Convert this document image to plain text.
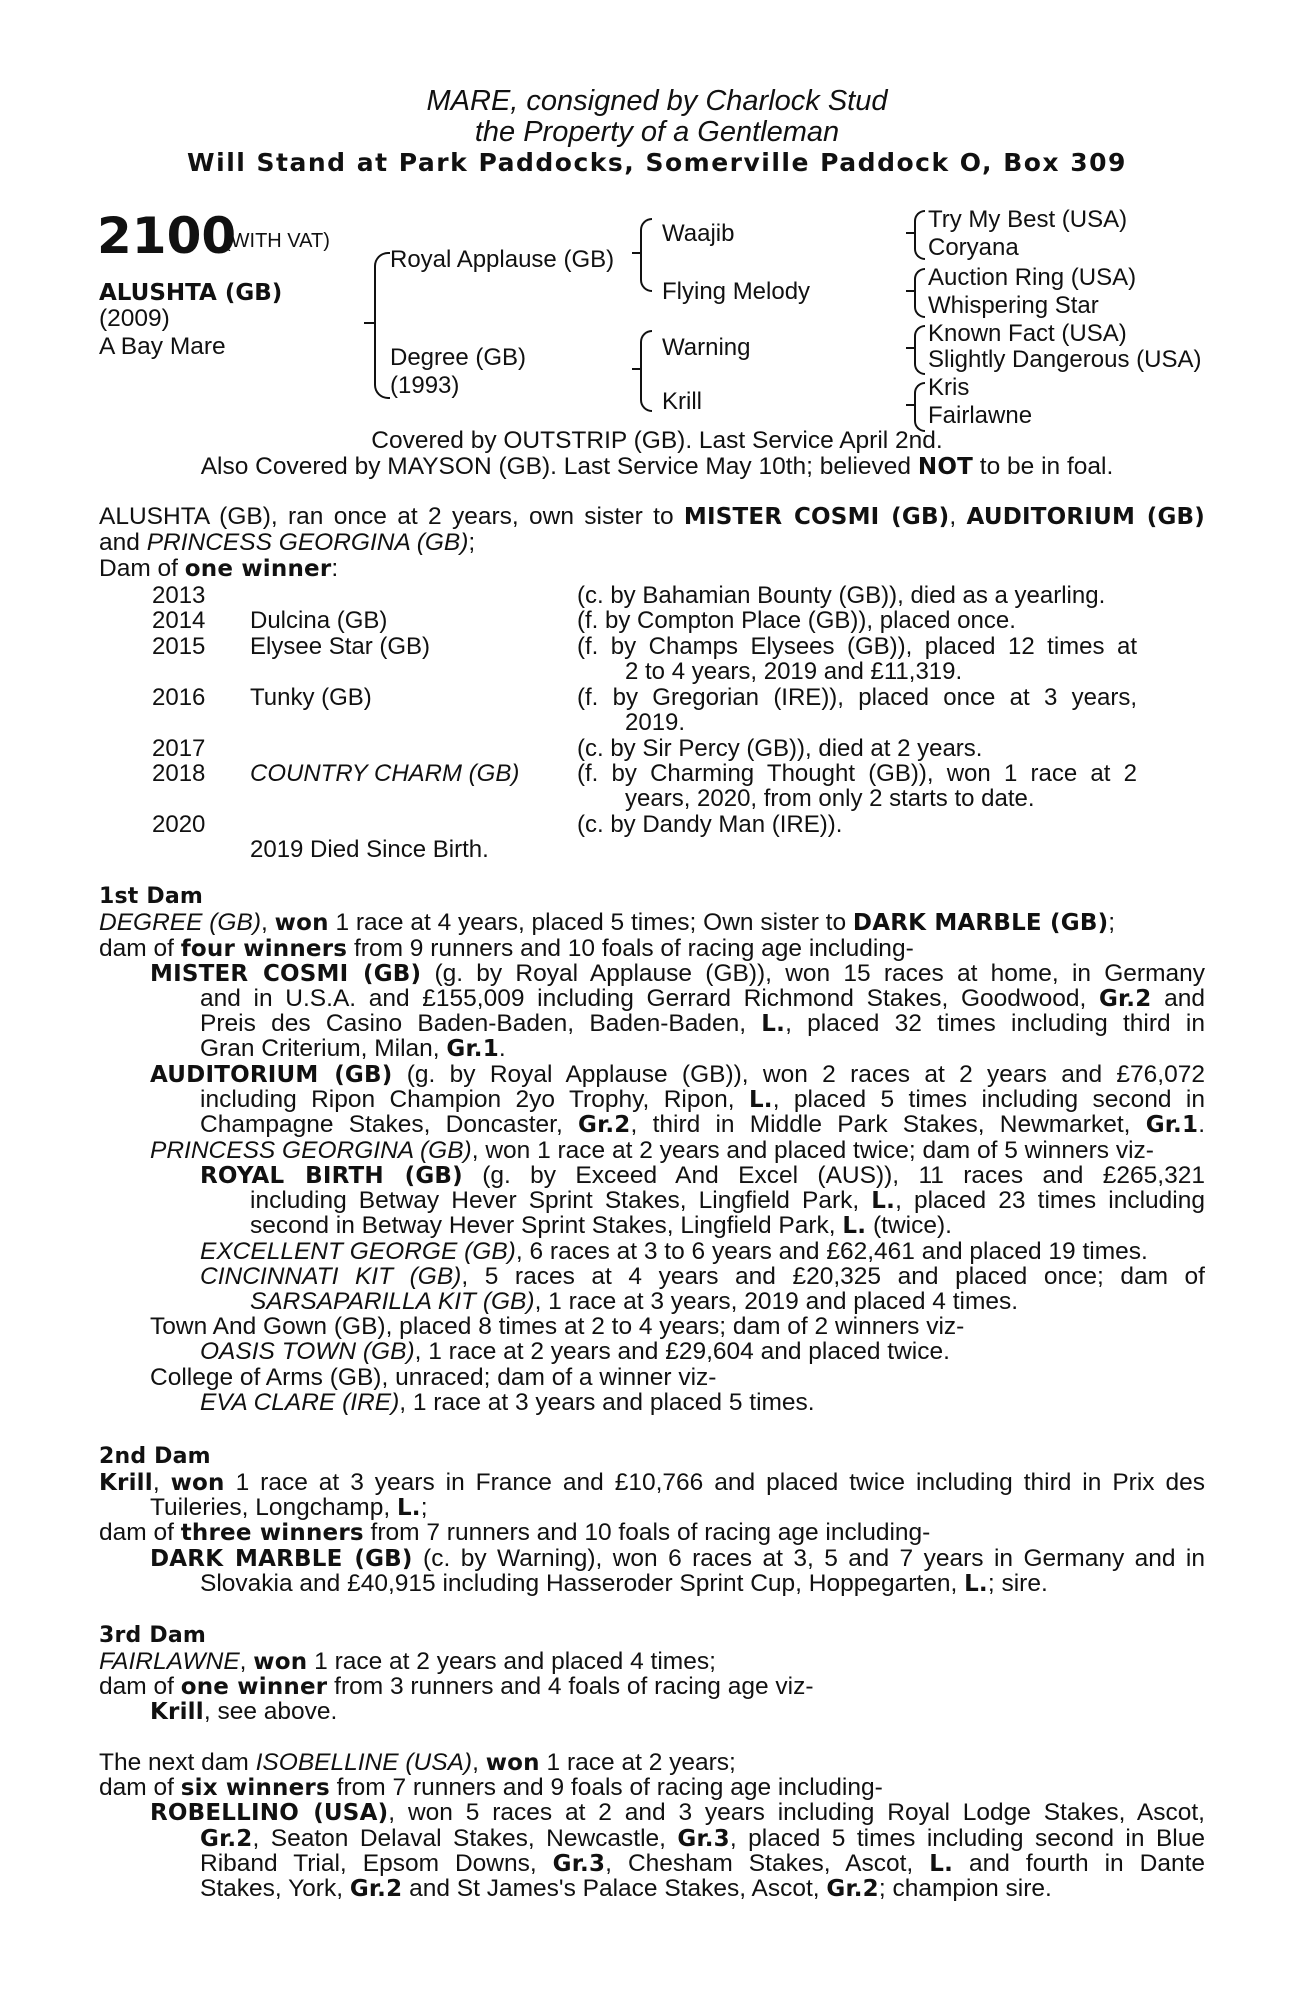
MARE, consigned by Charlock Stud
the Property of a Gentleman
Will Stand at Park Paddocks, Somerville Paddock O, Box 309
2100
(WITH VAT)
ALUSHTA (GB)
(2009)
A Bay Mare
Royal Applause (GB)
Degree (GB)
(1993)
Waajib
Flying Melody
Warning
Krill
Try My Best (USA)
Coryana
Auction Ring (USA)
Whispering Star
Known Fact (USA)
Slightly Dangerous (USA)
Kris
Fairlawne
Covered by OUTSTRIP (GB). Last Service April 2nd.
Also Covered by MAYSON (GB). Last Service May 10th; believed NOT to be in foal.
ALUSHTA (GB), ran once at 2 years, own sister to MISTER COSMI (GB), AUDITORIUM (GB)
and PRINCESS GEORGINA (GB);
Dam of one winner:
2013	(c. by Bahamian Bounty (GB)), died as a yearling.
2014 Dulcina (GB)	(f. by Compton Place (GB)), placed once.
2015 Elysee Star (GB)	(f. by Champs Elysees (GB)), placed 12 times at
2 to 4 years, 2019 and £11,319.
2016 Tunky (GB)	(f. by Gregorian (IRE)), placed once at 3 years,
2019.
2017	(c. by Sir Percy (GB)), died at 2 years.
2018 COUNTRY CHARM (GB) (f. by Charming Thought (GB)), won 1 race at 2
years, 2020, from only 2 starts to date.
2020	(c. by Dandy Man (IRE)).
2019 Died Since Birth.
1st Dam
DEGREE (GB), won 1 race at 4 years, placed 5 times; Own sister to DARK MARBLE (GB);
dam of four winners from 9 runners and 10 foals of racing age including-
MISTER COSMI (GB) (g. by Royal Applause (GB)), won 15 races at home, in Germany
and in U.S.A. and £155,009 including Gerrard Richmond Stakes, Goodwood, Gr.2 and
Preis des Casino Baden-Baden, Baden-Baden, L., placed 32 times including third in
Gran Criterium, Milan, Gr.1.
AUDITORIUM (GB) (g. by Royal Applause (GB)), won 2 races at 2 years and £76,072
including Ripon Champion 2yo Trophy, Ripon, L., placed 5 times including second in
Champagne Stakes, Doncaster, Gr.2, third in Middle Park Stakes, Newmarket, Gr.1.
PRINCESS GEORGINA (GB), won 1 race at 2 years and placed twice; dam of 5 winners viz-
ROYAL BIRTH (GB) (g. by Exceed And Excel (AUS)), 11 races and £265,321
including Betway Hever Sprint Stakes, Lingfield Park, L., placed 23 times including
second in Betway Hever Sprint Stakes, Lingfield Park, L. (twice).
EXCELLENT GEORGE (GB), 6 races at 3 to 6 years and £62,461 and placed 19 times.
CINCINNATI KIT (GB), 5 races at 4 years and £20,325 and placed once; dam of
SARSAPARILLA KIT (GB), 1 race at 3 years, 2019 and placed 4 times.
Town And Gown (GB), placed 8 times at 2 to 4 years; dam of 2 winners viz-
OASIS TOWN (GB), 1 race at 2 years and £29,604 and placed twice.
College of Arms (GB), unraced; dam of a winner viz-
EVA CLARE (IRE), 1 race at 3 years and placed 5 times.
2nd Dam
Krill, won 1 race at 3 years in France and £10,766 and placed twice including third in Prix des
Tuileries, Longchamp, L.;
dam of three winners from 7 runners and 10 foals of racing age including-
DARK MARBLE (GB) (c. by Warning), won 6 races at 3, 5 and 7 years in Germany and in
Slovakia and £40,915 including Hasseroder Sprint Cup, Hoppegarten, L.; sire.
3rd Dam
FAIRLAWNE, won 1 race at 2 years and placed 4 times;
dam of one winner from 3 runners and 4 foals of racing age viz-
Krill, see above.
The next dam ISOBELLINE (USA), won 1 race at 2 years;
dam of six winners from 7 runners and 9 foals of racing age including-
ROBELLINO (USA), won 5 races at 2 and 3 years including Royal Lodge Stakes, Ascot,
Gr.2, Seaton Delaval Stakes, Newcastle, Gr.3, placed 5 times including second in Blue
Riband Trial, Epsom Downs, Gr.3, Chesham Stakes, Ascot, L. and fourth in Dante
Stakes, York, Gr.2 and St James's Palace Stakes, Ascot, Gr.2; champion sire.
